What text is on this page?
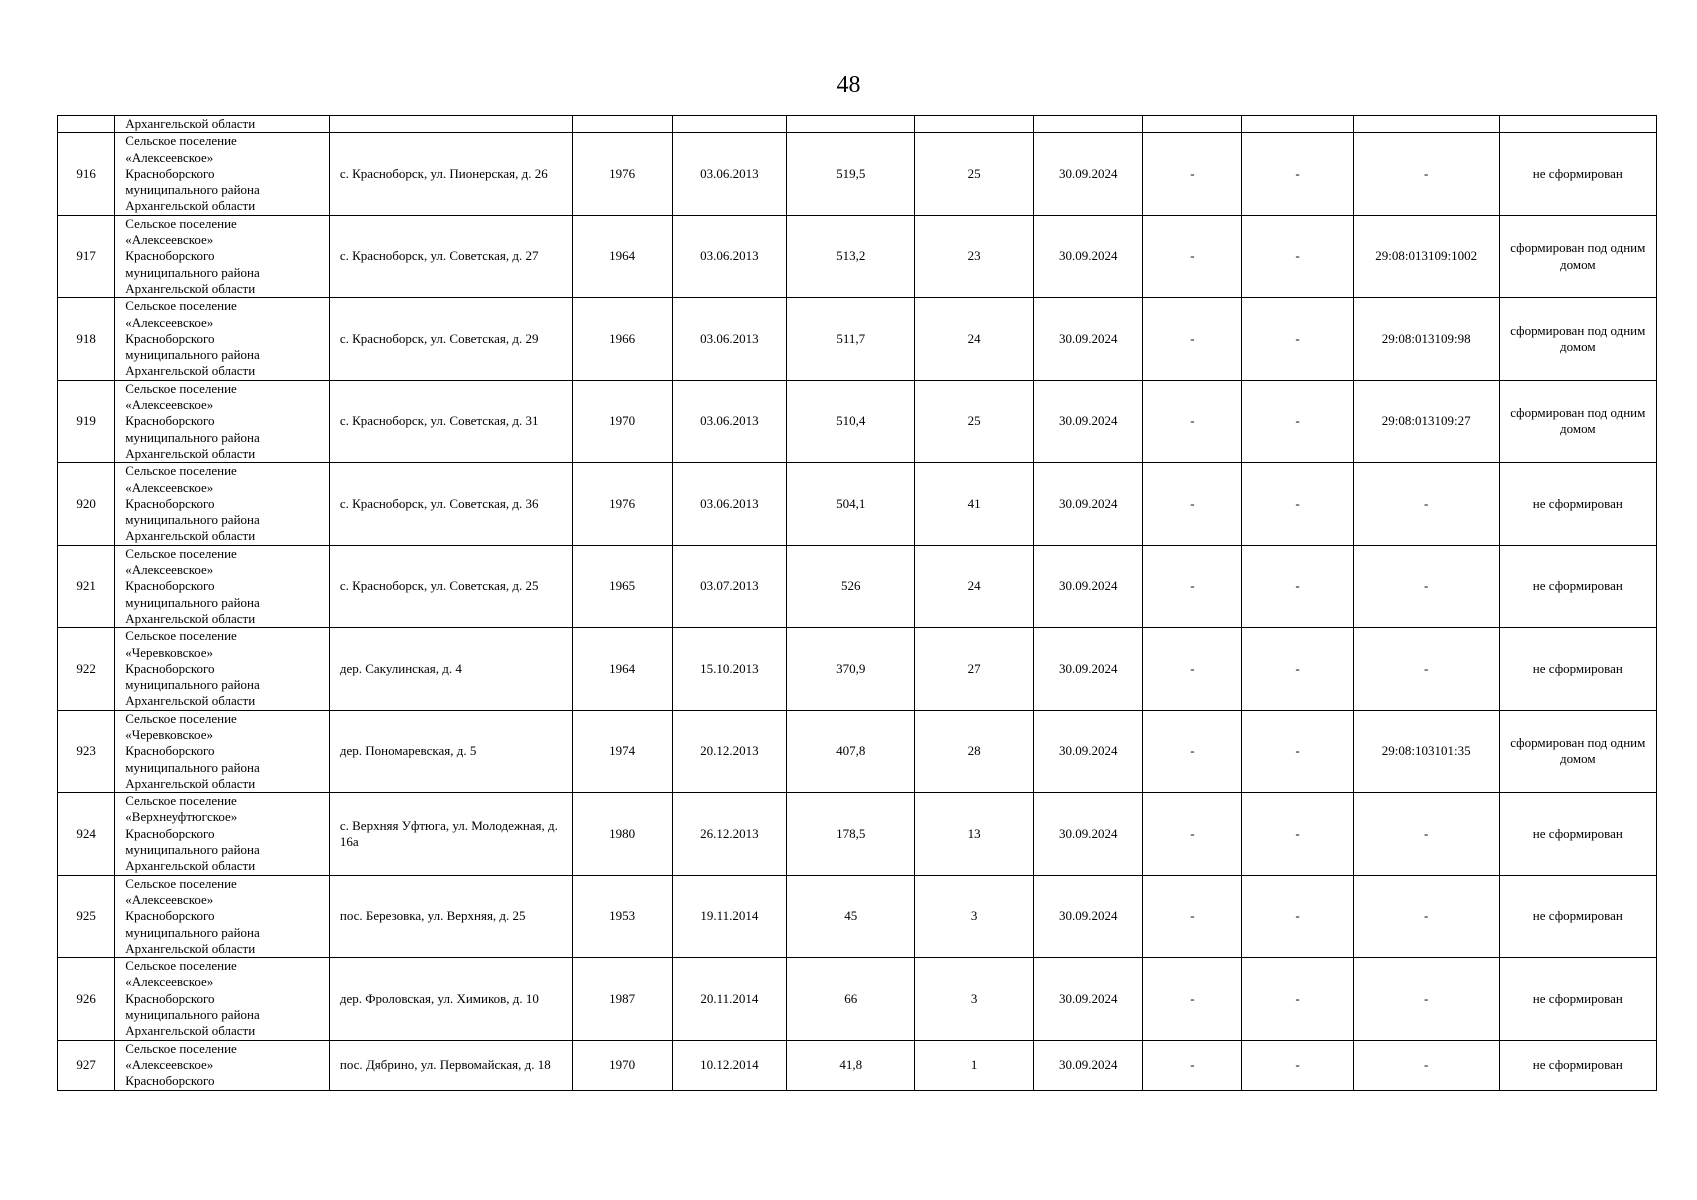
48
	Архангельской области										
916	Сельское поселение
«Алексеевское»
Красноборского
муниципального района
Архангельской области	с. Красноборск, ул. Пионерская, д. 26	1976	03.06.2013	519,5	25	30.09.2024	-	-	-	не сформирован
917	Сельское поселение
«Алексеевское»
Красноборского
муниципального района
Архангельской области	с. Красноборск, ул. Советская, д. 27	1964	03.06.2013	513,2	23	30.09.2024	-	-	29:08:013109:1002	сформирован под одним домом
918	Сельское поселение
«Алексеевское»
Красноборского
муниципального района
Архангельской области	с. Красноборск, ул. Советская, д. 29	1966	03.06.2013	511,7	24	30.09.2024	-	-	29:08:013109:98	сформирован под одним домом
919	Сельское поселение
«Алексеевское»
Красноборского
муниципального района
Архангельской области	с. Красноборск, ул. Советская, д. 31	1970	03.06.2013	510,4	25	30.09.2024	-	-	29:08:013109:27	сформирован под одним домом
920	Сельское поселение
«Алексеевское»
Красноборского
муниципального района
Архангельской области	с. Красноборск, ул. Советская, д. 36	1976	03.06.2013	504,1	41	30.09.2024	-	-	-	не сформирован
921	Сельское поселение
«Алексеевское»
Красноборского
муниципального района
Архангельской области	с. Красноборск, ул. Советская, д. 25	1965	03.07.2013	526	24	30.09.2024	-	-	-	не сформирован
922	Сельское поселение
«Черевковское»
Красноборского
муниципального района
Архангельской области	дер. Сакулинская, д. 4	1964	15.10.2013	370,9	27	30.09.2024	-	-	-	не сформирован
923	Сельское поселение
«Черевковское»
Красноборского
муниципального района
Архангельской области	дер. Пономаревская, д. 5	1974	20.12.2013	407,8	28	30.09.2024	-	-	29:08:103101:35	сформирован под одним домом
924	Сельское поселение
«Верхнеуфтюгское»
Красноборского
муниципального района
Архангельской области	с. Верхняя Уфтюга, ул. Молодежная, д. 16а	1980	26.12.2013	178,5	13	30.09.2024	-	-	-	не сформирован
925	Сельское поселение
«Алексеевское»
Красноборского
муниципального района
Архангельской области	пос. Березовка, ул. Верхняя, д. 25	1953	19.11.2014	45	3	30.09.2024	-	-	-	не сформирован
926	Сельское поселение
«Алексеевское»
Красноборского
муниципального района
Архангельской области	дер. Фроловская, ул. Химиков, д. 10	1987	20.11.2014	66	3	30.09.2024	-	-	-	не сформирован
927	Сельское поселение
«Алексеевское»
Красноборского	пос. Дябрино, ул. Первомайская, д. 18	1970	10.12.2014	41,8	1	30.09.2024	-	-	-	не сформирован
